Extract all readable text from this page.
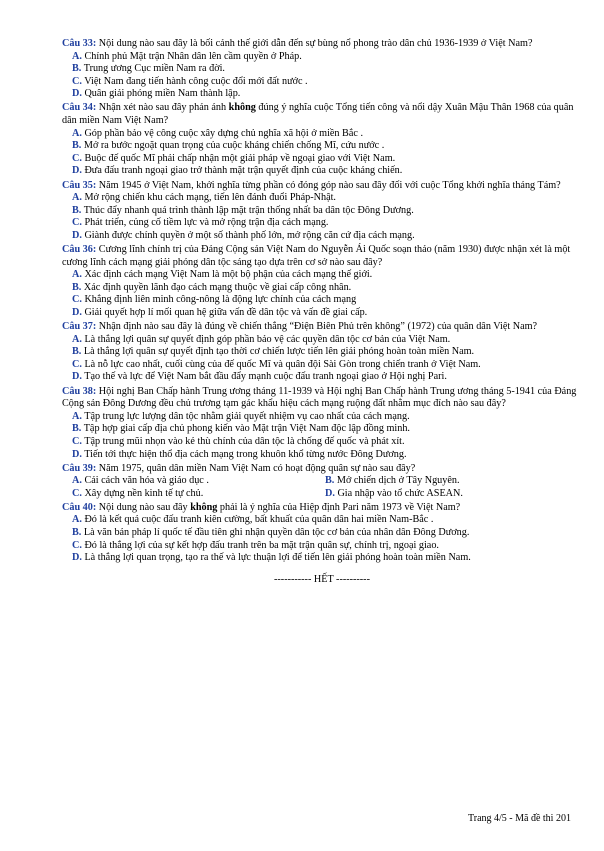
Câu 33: Nội dung nào sau đây là bối cảnh thế giới dẫn đến sự bùng nổ phong trào dân chủ 1936-1939 ở Việt Nam?
A. Chính phủ Mặt trận Nhân dân lên cầm quyền ở Pháp.
B. Trung ương Cục miền Nam ra đời.
C. Việt Nam đang tiến hành công cuộc đổi mới đất nước .
D. Quân giải phóng miền Nam thành lập.
Câu 34: Nhận xét nào sau đây phản ánh không đúng ý nghĩa cuộc Tổng tiến công và nổi dậy Xuân Mậu Thân 1968 của quân dân miền Nam Việt Nam?
A. Góp phần bảo vệ công cuộc xây dựng chủ nghĩa xã hội ở miền Bắc .
B. Mở ra bước ngoặt quan trọng của cuộc kháng chiến chống Mĩ, cứu nước .
C. Buộc đế quốc Mĩ phải chấp nhận một giải pháp về ngoại giao với Việt Nam.
D. Đưa đấu tranh ngoại giao trở thành mặt trận quyết định của cuộc kháng chiến.
Câu 35: Năm 1945 ở Việt Nam, khởi nghĩa từng phần có đóng góp nào sau đây đối với cuộc Tổng khởi nghĩa tháng Tám?
A. Mở rộng chiến khu cách mạng, tiến lên đánh đuổi Pháp-Nhật.
B. Thúc đẩy nhanh quá trình thành lập mặt trận thống nhất ba dân tộc Đông Dương.
C. Phát triển, củng cố tiềm lực và mở rộng trận địa cách mạng.
D. Giành được chính quyền ở một số thành phố lớn, mở rộng căn cứ địa cách mạng.
Câu 36: Cương lĩnh chính trị của Đảng Cộng sản Việt Nam do Nguyễn Ái Quốc soạn thảo (năm 1930) được nhận xét là một cương lĩnh cách mạng giải phóng dân tộc sáng tạo dựa trên cơ sở nào sau đây?
A. Xác định cách mạng Việt Nam là một bộ phận của cách mạng thế giới.
B. Xác định quyền lãnh đạo cách mạng thuộc về giai cấp công nhân.
C. Khẳng định liên minh công-nông là động lực chính của cách mạng
D. Giải quyết hợp lí mối quan hệ giữa vấn đề dân tộc và vấn đề giai cấp.
Câu 37: Nhận định nào sau đây là đúng về chiến thắng “Điện Biên Phủ trên không” (1972) của quân dân Việt Nam?
A. Là thắng lợi quân sự quyết định góp phần bảo vệ các quyền dân tộc cơ bản của Việt Nam.
B. Là thắng lợi quân sự quyết định tạo thời cơ chiến lược tiến lên giải phóng hoàn toàn miền Nam.
C. Là nỗ lực cao nhất, cuối cùng của đế quốc Mĩ và quân đội Sài Gòn trong chiến tranh ở Việt Nam.
D. Tạo thế và lực để Việt Nam bắt đầu đẩy mạnh cuộc đấu tranh ngoại giao ở Hội nghị Pari.
Câu 38: Hội nghị Ban Chấp hành Trung ương tháng 11-1939 và Hội nghị Ban Chấp hành Trung ương tháng 5-1941 của Đảng Cộng sản Đông Dương đều chủ trương tạm gác khẩu hiệu cách mạng ruộng đất nhằm mục đích nào sau đây?
A. Tập trung lực lượng dân tộc nhằm giải quyết nhiệm vụ cao nhất của cách mạng.
B. Tập hợp giai cấp địa chủ phong kiến vào Mặt trận Việt Nam độc lập đồng minh.
C. Tập trung mũi nhọn vào kẻ thù chính của dân tộc là chống đế quốc và phát xít.
D. Tiến tới thực hiện thổ địa cách mạng trong khuôn khổ từng nước Đông Dương.
Câu 39: Năm 1975, quân dân miền Nam Việt Nam có hoạt động quân sự nào sau đây?
A. Cải cách văn hóa và giáo dục .	B. Mở chiến dịch ở Tây Nguyên.
C. Xây dựng nền kinh tế tự chủ.	D. Gia nhập vào tổ chức ASEAN.
Câu 40: Nội dung nào sau đây không phải là ý nghĩa của Hiệp định Pari năm 1973 về Việt Nam?
A. Đó là kết quả cuộc đấu tranh kiên cường, bất khuất của quân dân hai miền Nam-Bắc .
B. Là văn bản pháp lí quốc tế đầu tiên ghi nhận quyền dân tộc cơ bản của nhân dân Đông Dương.
C. Đó là thắng lợi của sự kết hợp đấu tranh trên ba mặt trận quân sự, chính trị, ngoại giao.
D. Là thắng lợi quan trọng, tạo ra thế và lực thuận lợi để tiến lên giải phóng hoàn toàn miền Nam.
----------- HẾT ----------
Trang 4/5 - Mã đề thi 201
